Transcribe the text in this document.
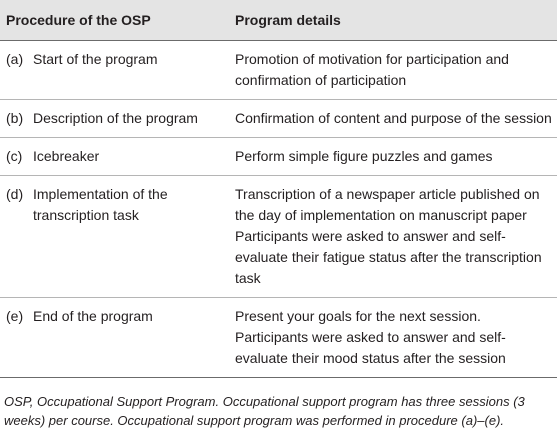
Procedure of the OSP	Program details

(a) Start of the program	Promotion of motivation for participation and confirmation of participation

(b) Description of the program	Confirmation of content and purpose of the session

(c) Icebreaker	Perform simple figure puzzles and games

(d) Implementation of the transcription task	Transcription of a newspaper article published on the day of implementation on manuscript paper
Participants were asked to answer and self-evaluate their fatigue status after the transcription task

(e) End of the program	Present your goals for the next session.
Participants were asked to answer and self-evaluate their mood status after the session
OSP, Occupational Support Program. Occupational support program has three sessions (3 weeks) per course. Occupational support program was performed in procedure (a)–(e).
